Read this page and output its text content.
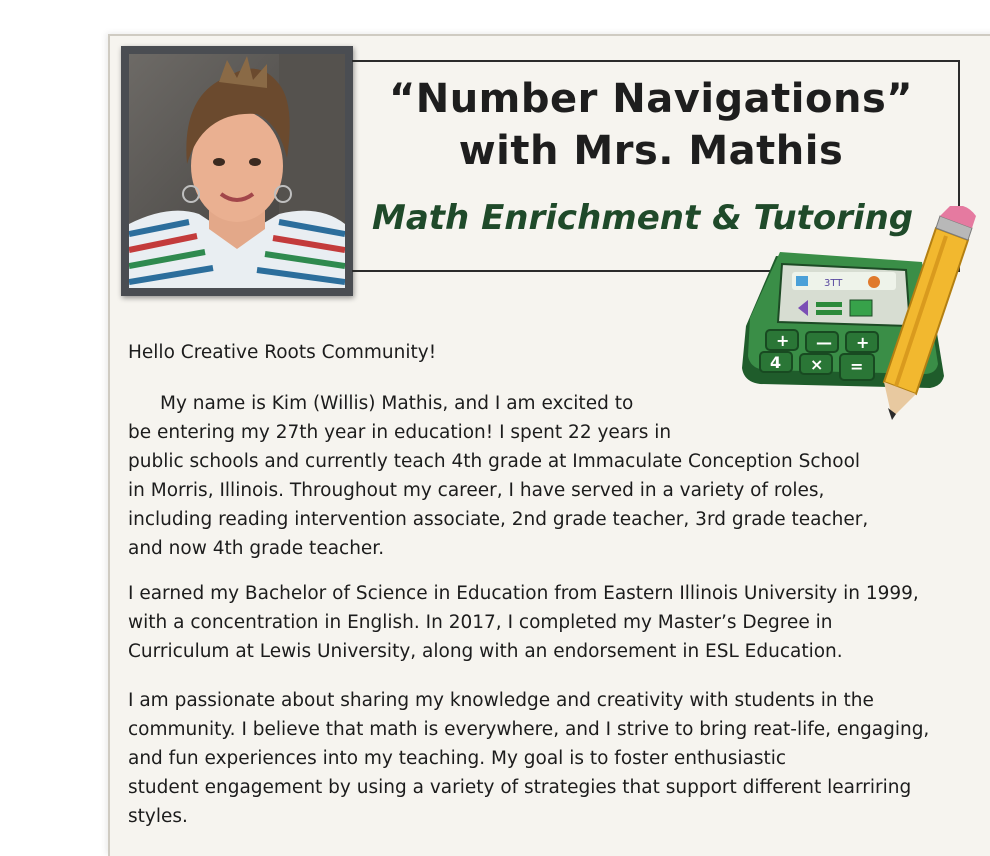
“Number Navigations”
with Mrs. Mathis
Math Enrichment & Tutoring
3TT
+ — +
4 × =
Hello Creative Roots Community!
My name is Kim (Willis) Mathis, and I am excited to
be entering my 27th year in education! I spent 22 years in
public schools and currently teach 4th grade at Immaculate Conception School
in Morris, Illinois. Throughout my career, I have served in a variety of roles,
including reading intervention associate, 2nd grade teacher, 3rd grade teacher,
and now 4th grade teacher.
I earned my Bachelor of Science in Education from Eastern Illinois University in 1999,
with a concentration in English. In 2017, I completed my Master’s Degree in
Curriculum at Lewis University, along with an endorsement in ESL Education.
I am passionate about sharing my knowledge and creativity with students in the
community. I believe that math is everywhere, and I strive to bring reat-life, engaging,
and fun experiences into my teaching. My goal is to foster enthusiastic
student engagement by using a variety of strategies that support different learriring
styles.
